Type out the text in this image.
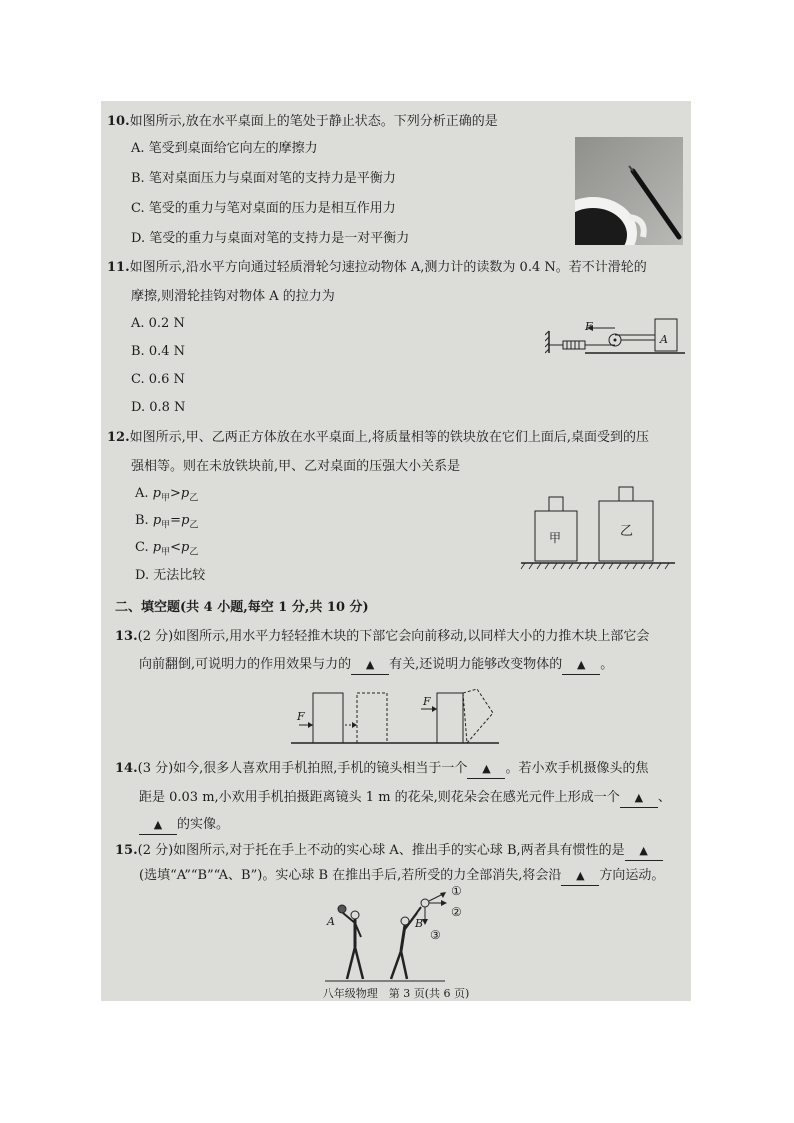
10.如图所示,放在水平桌面上的笔处于静止状态。下列分析正确的是
A. 笔受到桌面给它向左的摩擦力
B. 笔对桌面压力与桌面对笔的支持力是平衡力
C. 笔受的重力与笔对桌面的压力是相互作用力
D. 笔受的重力与桌面对笔的支持力是一对平衡力
11.如图所示,沿水平方向通过轻质滑轮匀速拉动物体 A,测力计的读数为 0.4 N。若不计滑轮的
摩擦,则滑轮挂钩对物体 A 的拉力为
A. 0.2 N
B. 0.4 N
C. 0.6 N
D. 0.8 N
F
A
12.如图所示,甲、乙两正方体放在水平桌面上,将质量相等的铁块放在它们上面后,桌面受到的压
强相等。则在未放铁块前,甲、乙对桌面的压强大小关系是
A. $p_甲>p_乙$
B. $p_甲=p_乙$
C. $p_甲<p_乙$
D. 无法比较
甲	乙
二、填空题(共 4 小题,每空 1 分,共 10 分)
13.(2 分)如图所示,用水平力轻轻推木块的下部它会向前移动,以同样大小的力推木块上部它会
向前翻倒,可说明力的作用效果与力的 ▲ 有关,还说明力能够改变物体的 ▲ 。
F
F
14.(3 分)如今,很多人喜欢用手机拍照,手机的镜头相当于一个 ▲ 。若小欢手机摄像头的焦
距是 0.03 m,小欢用手机拍摄距离镜头 1 m 的花朵,则花朵会在感光元件上形成一个 ▲ 、
▲ 的实像。
15.(2 分)如图所示,对于托在手上不动的实心球 A、推出手的实心球 B,两者具有惯性的是 ▲
(选填“A”“B”“A、B”)。实心球 B 在推出手后,若所受的力全部消失,将会沿 ▲ 方向运动。
A	B
①
②
③
八年级物理　第 3 页(共 6 页)
